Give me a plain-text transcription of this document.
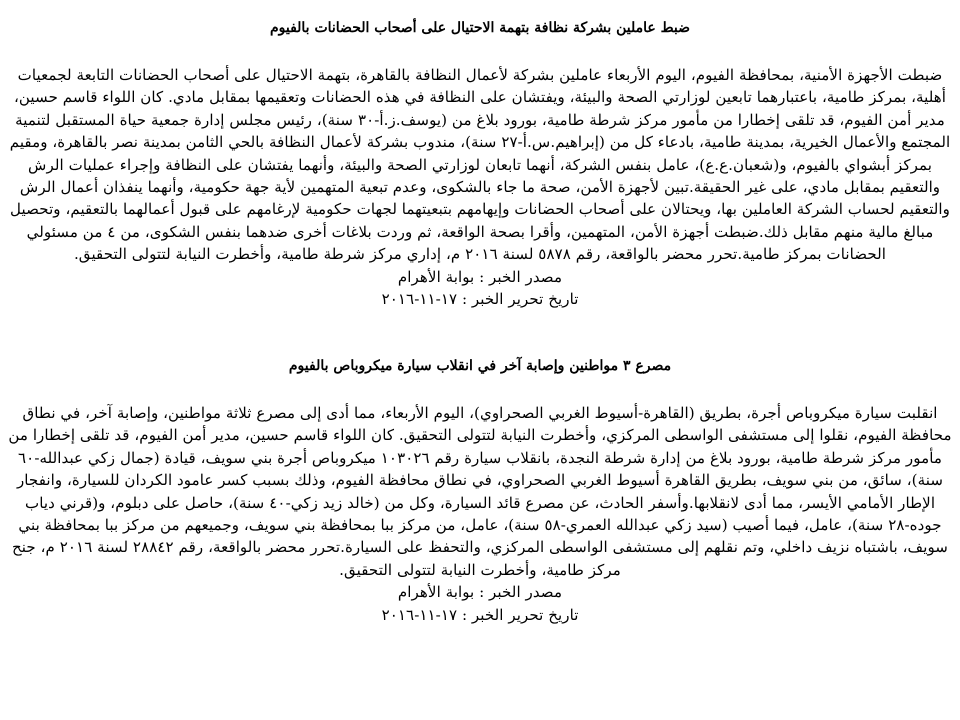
ضبط عاملين بشركة نظافة بتهمة الاحتيال على أصحاب الحضانات بالفيوم

ضبطت الأجهزة الأمنية، بمحافظة الفيوم، اليوم الأربعاء عاملين بشركة لأعمال النظافة بالقاهرة، بتهمة الاحتيال على أصحاب الحضانات التابعة لجمعيات أهلية، بمركز طامية، باعتبارهما تابعين لوزارتي الصحة والبيئة، ويفتشان على النظافة في هذه الحضانات وتعقيمها بمقابل مادي. كان اللواء قاسم حسين، مدير أمن الفيوم، قد تلقى إخطارا من مأمور مركز شرطة طامية، بورود بلاغ من (يوسف.ز.أ-٣٠ سنة)، رئيس مجلس إدارة جمعية حياة المستقبل لتنمية المجتمع والأعمال الخيرية، بمدينة طامية، بادعاء كل من (إبراهيم.س.أ-٢٧ سنة)، مندوب بشركة لأعمال النظافة بالحي الثامن بمدينة نصر بالقاهرة، ومقيم بمركز أبشواي بالفيوم، و(شعبان.ع.ع)، عامل بنفس الشركة، أنهما تابعان لوزارتي الصحة والبيئة، وأنهما يفتشان على النظافة وإجراء عمليات الرش والتعقيم بمقابل مادي، على غير الحقيقة.تبين لأجهزة الأمن، صحة ما جاء بالشكوى، وعدم تبعية المتهمين لأية جهة حكومية، وأنهما ينفذان أعمال الرش والتعقيم لحساب الشركة العاملين بها، ويحتالان على أصحاب الحضانات وإيهامهم بتبعيتهما لجهات حكومية لإرغامهم على قبول أعمالهما بالتعقيم، وتحصيل مبالغ مالية منهم مقابل ذلك.ضبطت أجهزة الأمن، المتهمين، وأقرا بصحة الواقعة، ثم وردت بلاغات أخرى ضدهما بنفس الشكوى، من ٤ من مسئولي الحضانات بمركز طامية.تحرر محضر بالواقعة، رقم ٥٨٧٨ لسنة ٢٠١٦ م، إداري مركز شرطة طامية، وأخطرت النيابة لتتولى التحقيق.

مصدر الخبر : بوابة الأهرام

تاريخ تحرير الخبر : ١٧-١١-٢٠١٦

مصرع ٣ مواطنين وإصابة آخر في انقلاب سيارة ميكروباص بالفيوم

انقلبت سيارة ميكروباص أجرة، بطريق (القاهرة-أسيوط الغربي الصحراوي)، اليوم الأربعاء، مما أدى إلى مصرع ثلاثة مواطنين، وإصابة آخر، في نطاق محافظة الفيوم، نقلوا إلى مستشفى الواسطى المركزي، وأخطرت النيابة لتتولى التحقيق. كان اللواء قاسم حسين، مدير أمن الفيوم، قد تلقى إخطارا من مأمور مركز شرطة طامية، بورود بلاغ من إدارة شرطة النجدة، بانقلاب سيارة رقم ١٠٣٠٢٦ ميكروباص أجرة بني سويف، قيادة (جمال زكي عبدالله-٦٠ سنة)، سائق، من بني سويف، بطريق القاهرة أسيوط الغربي الصحراوي، في نطاق محافظة الفيوم، وذلك بسبب كسر عامود الكردان للسيارة، وانفجار الإطار الأمامي الأيسر، مما أدى لانقلابها.وأسفر الحادث، عن مصرع قائد السيارة، وكل من (خالد زيد زكي-٤٠ سنة)، حاصل على دبلوم، و(قرني دياب جوده-٢٨ سنة)، عامل، فيما أصيب (سيد زكي عبدالله العمري-٥٨ سنة)، عامل، من مركز ببا بمحافظة بني سويف، وجميعهم من مركز ببا بمحافظة بني سويف، باشتباه نزيف داخلي، وتم نقلهم إلى مستشفى الواسطى المركزي، والتحفظ على السيارة.تحرر محضر بالواقعة، رقم ٢٨٨٤٢ لسنة ٢٠١٦ م، جنح مركز طامية، وأخطرت النيابة لتتولى التحقيق.

مصدر الخبر : بوابة الأهرام

تاريخ تحرير الخبر : ١٧-١١-٢٠١٦
